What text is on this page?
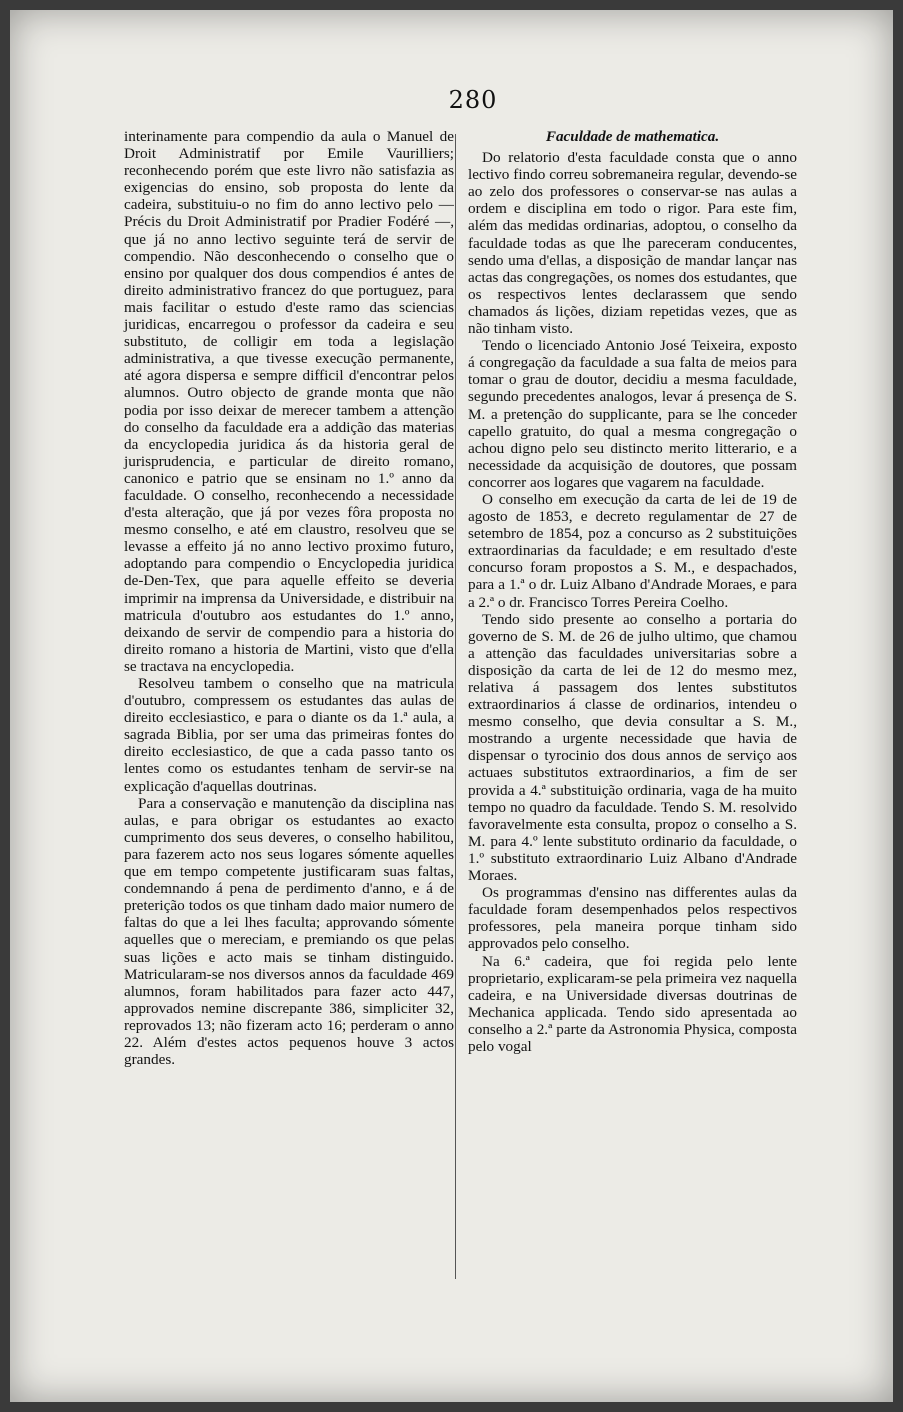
280

interinamente para compendio da aula o Manuel de Droit Administratif por Emile Vaurilliers; reconhecendo porém que este livro não satisfazia as exigencias do ensino, sob proposta do lente da cadeira, substituiu-o no fim do anno lectivo pelo — Précis du Droit Administratif por Pradier Fodéré —, que já no anno lectivo seguinte terá de servir de compendio. Não desconhecendo o conselho que o ensino por qualquer dos dous compendios é antes de direito administrativo francez do que portuguez, para mais facilitar o estudo d'este ramo das sciencias juridicas, encarregou o professor da cadeira e seu substituto, de colligir em toda a legislação administrativa, a que tivesse execução permanente, até agora dispersa e sempre difficil d'encontrar pelos alumnos. Outro objecto de grande monta que não podia por isso deixar de merecer tambem a attenção do conselho da faculdade era a addição das materias da encyclopedia juridica ás da historia geral de jurisprudencia, e particular de direito romano, canonico e patrio que se ensinam no 1.º anno da faculdade. O conselho, reconhecendo a necessidade d'esta alteração, que já por vezes fôra proposta no mesmo conselho, e até em claustro, resolveu que se levasse a effeito já no anno lectivo proximo futuro, adoptando para compendio o Encyclopedia juridica de-Den-Tex, que para aquelle effeito se deveria imprimir na imprensa da Universidade, e distribuir na matricula d'outubro aos estudantes do 1.º anno, deixando de servir de compendio para a historia do direito romano a historia de Martini, visto que d'ella se tractava na encyclopedia.

Resolveu tambem o conselho que na matricula d'outubro, compressem os estudantes das aulas de direito ecclesiastico, e para o diante os da 1.ª aula, a sagrada Biblia, por ser uma das primeiras fontes do direito ecclesiastico, de que a cada passo tanto os lentes como os estudantes tenham de servir-se na explicação d'aquellas doutrinas.

Para a conservação e manutenção da disciplina nas aulas, e para obrigar os estudantes ao exacto cumprimento dos seus deveres, o conselho habilitou, para fazerem acto nos seus logares sómente aquelles que em tempo competente justificaram suas faltas, condemnando á pena de perdimento d'anno, e á de preterição todos os que tinham dado maior numero de faltas do que a lei lhes faculta; approvando sómente aquelles que o mereciam, e premiando os que pelas suas lições e acto mais se tinham distinguido. Matricularam-se nos diversos annos da faculdade 469 alumnos, foram habilitados para fazer acto 447, approvados nemine discrepante 386, simpliciter 32, reprovados 13; não fizeram acto 16; perderam o anno 22. Além d'estes actos pequenos houve 3 actos grandes.

Faculdade de mathematica.

Do relatorio d'esta faculdade consta que o anno lectivo findo correu sobremaneira regular, devendo-se ao zelo dos professores o conservar-se nas aulas a ordem e disciplina em todo o rigor. Para este fim, além das medidas ordinarias, adoptou, o conselho da faculdade todas as que lhe pareceram conducentes, sendo uma d'ellas, a disposição de mandar lançar nas actas das congregações, os nomes dos estudantes, que os respectivos lentes declarassem que sendo chamados ás lições, diziam repetidas vezes, que as não tinham visto.

Tendo o licenciado Antonio José Teixeira, exposto á congregação da faculdade a sua falta de meios para tomar o grau de doutor, decidiu a mesma faculdade, segundo precedentes analogos, levar á presença de S. M. a pretenção do supplicante, para se lhe conceder capello gratuito, do qual a mesma congregação o achou digno pelo seu distincto merito litterario, e a necessidade da acquisição de doutores, que possam concorrer aos logares que vagarem na faculdade.

O conselho em execução da carta de lei de 19 de agosto de 1853, e decreto regulamentar de 27 de setembro de 1854, poz a concurso as 2 substituições extraordinarias da faculdade; e em resultado d'este concurso foram propostos a S. M., e despachados, para a 1.ª o dr. Luiz Albano d'Andrade Moraes, e para a 2.ª o dr. Francisco Torres Pereira Coelho.

Tendo sido presente ao conselho a portaria do governo de S. M. de 26 de julho ultimo, que chamou a attenção das faculdades universitarias sobre a disposição da carta de lei de 12 do mesmo mez, relativa á passagem dos lentes substitutos extraordinarios á classe de ordinarios, intendeu o mesmo conselho, que devia consultar a S. M., mostrando a urgente necessidade que havia de dispensar o tyrocinio dos dous annos de serviço aos actuaes substitutos extraordinarios, a fim de ser provida a 4.ª substituição ordinaria, vaga de ha muito tempo no quadro da faculdade. Tendo S. M. resolvido favoravelmente esta consulta, propoz o conselho a S. M. para 4.º lente substituto ordinario da faculdade, o 1.º substituto extraordinario Luiz Albano d'Andrade Moraes.

Os programmas d'ensino nas differentes aulas da faculdade foram desempenhados pelos respectivos professores, pela maneira porque tinham sido approvados pelo conselho.

Na 6.ª cadeira, que foi regida pelo lente proprietario, explicaram-se pela primeira vez naquella cadeira, e na Universidade diversas doutrinas de Mechanica applicada. Tendo sido apresentada ao conselho a 2.ª parte da Astronomia Physica, composta pelo vogal
